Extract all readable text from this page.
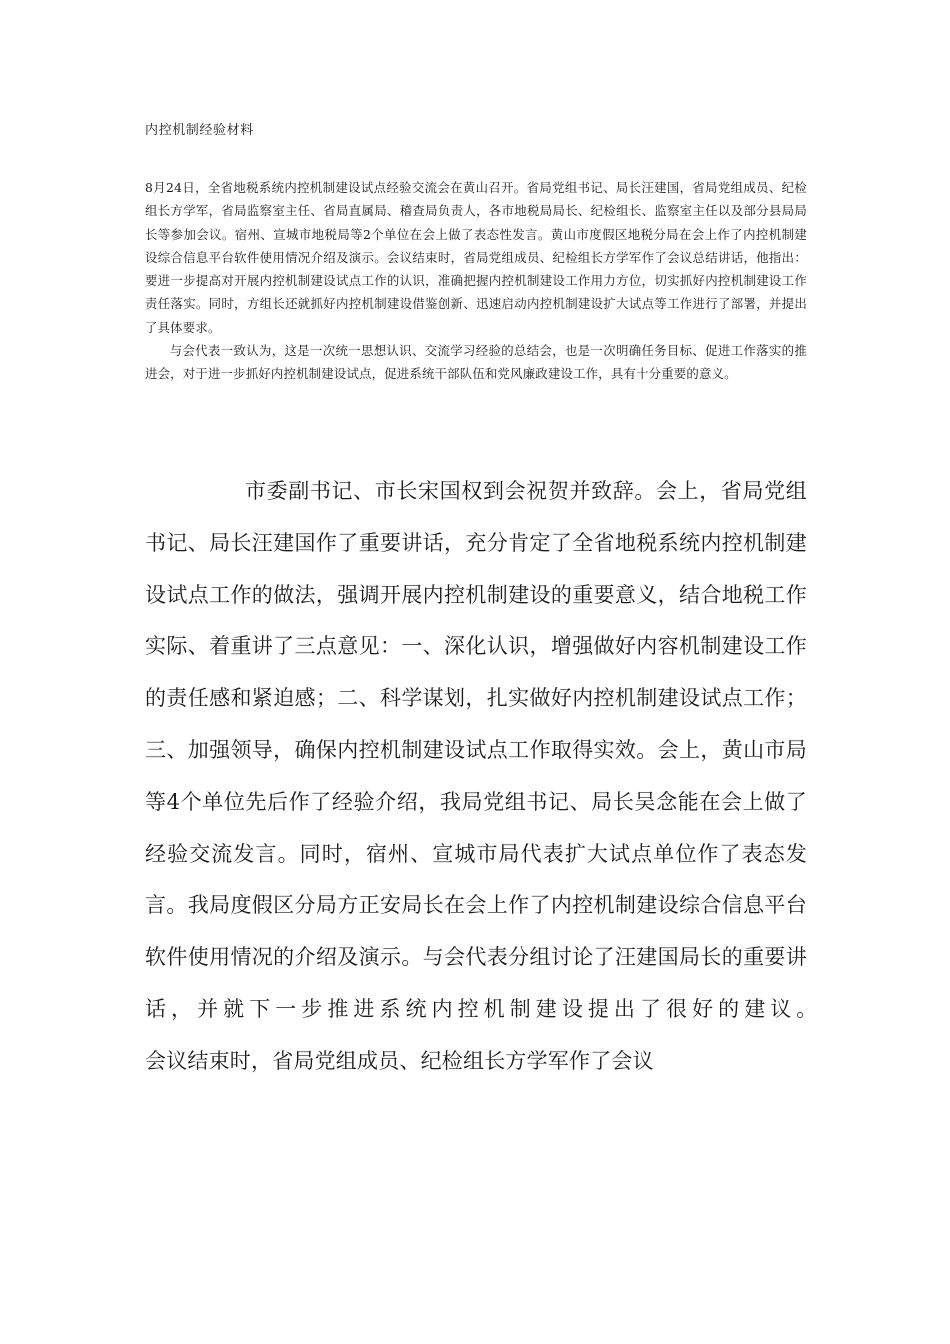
内控机制经验材料

8月24日，全省地税系统内控机制建设试点经验交流会在黄山召开。省局党组书记、局长汪建国，省局党组成员、纪检组长方学军，省局监察室主任、省局直属局、稽查局负责人，各市地税局局长、纪检组长、监察室主任以及部分县局局长等参加会议。宿州、宣城市地税局等2个单位在会上做了表态性发言。黄山市度假区地税分局在会上作了内控机制建设综合信息平台软件使用情况介绍及演示。会议结束时，省局党组成员、纪检组长方学军作了会议总结讲话，他指出：要进一步提高对开展内控机制建设试点工作的认识，准确把握内控机制建设工作用力方位，切实抓好内控机制建设工作责任落实。同时，方组长还就抓好内控机制建设借鉴创新、迅速启动内控机制建设扩大试点等工作进行了部署，并提出了具体要求。

与会代表一致认为，这是一次统一思想认识、交流学习经验的总结会，也是一次明确任务目标、促进工作落实的推进会，对于进一步抓好内控机制建设试点，促进系统干部队伍和党风廉政建设工作，具有十分重要的意义。

市委副书记、市长宋国权到会祝贺并致辞。会上，省局党组书记、局长汪建国作了重要讲话，充分肯定了全省地税系统内控机制建设试点工作的做法，强调开展内控机制建设的重要意义，结合地税工作实际、着重讲了三点意见：一、深化认识，增强做好内容机制建设工作的责任感和紧迫感；二、科学谋划，扎实做好内控机制建设试点工作；三、加强领导，确保内控机制建设试点工作取得实效。会上，黄山市局等4个单位先后作了经验介绍，我局党组书记、局长吴念能在会上做了经验交流发言。同时，宿州、宣城市局代表扩大试点单位作了表态发言。我局度假区分局方正安局长在会上作了内控机制建设综合信息平台软件使用情况的介绍及演示。与会代表分组讨论了汪建国局长的重要讲话，并就下一步推进系统内控机制建设提出了很好的建议。　　　　　会议结束时，省局党组成员、纪检组长方学军作了会议
